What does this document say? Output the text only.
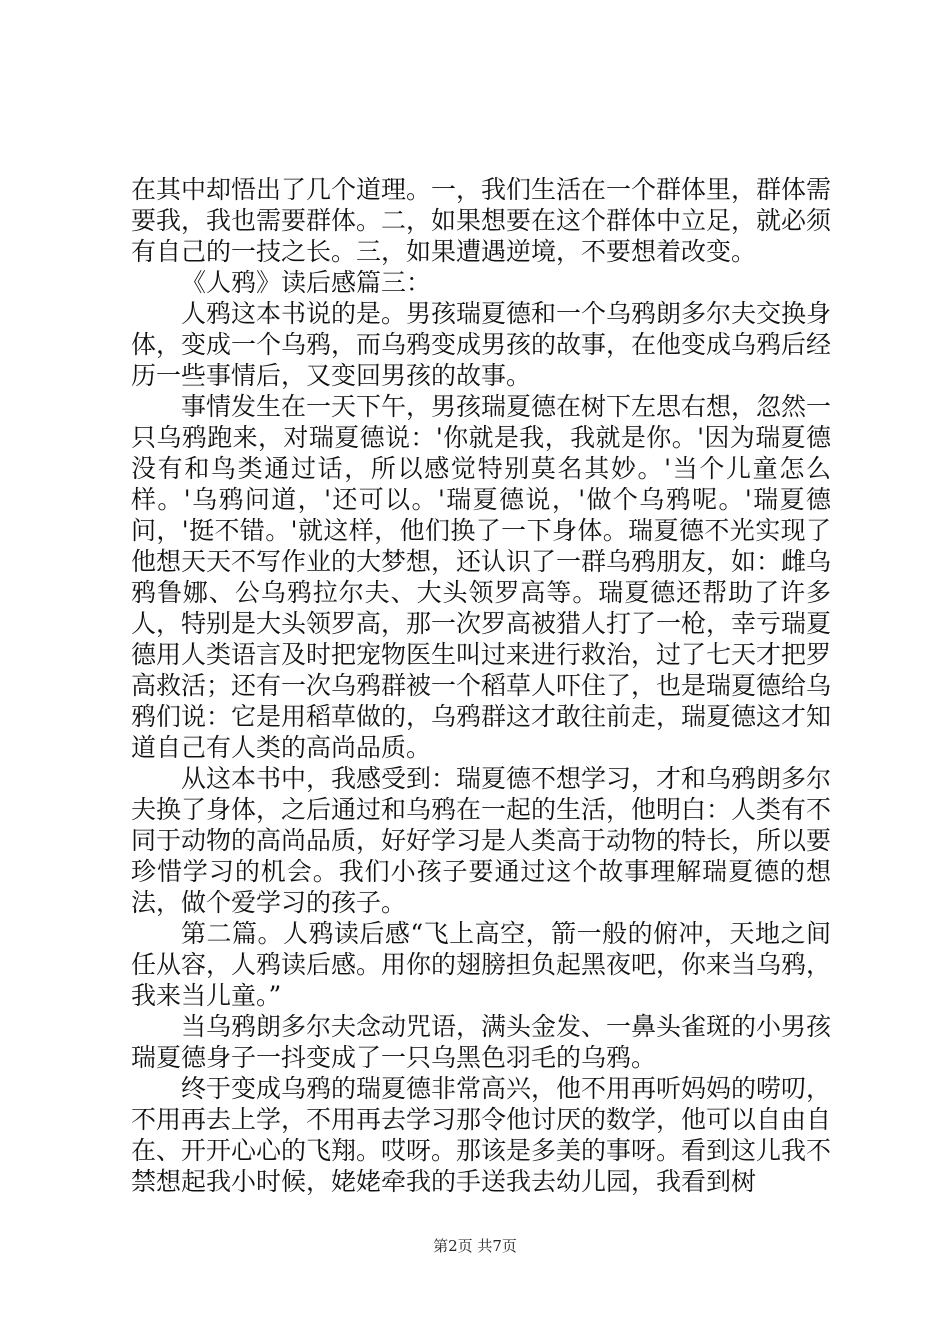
在其中却悟出了几个道理。一，我们生活在一个群体里，群体需要我，我也需要群体。二，如果想要在这个群体中立足，就必须有自己的一技之长。三，如果遭遇逆境，不要想着改变。

《人鸦》读后感篇三：

人鸦这本书说的是。男孩瑞夏德和一个乌鸦朗多尔夫交换身体，变成一个乌鸦，而乌鸦变成男孩的故事，在他变成乌鸦后经历一些事情后，又变回男孩的故事。

事情发生在一天下午，男孩瑞夏德在树下左思右想，忽然一只乌鸦跑来，对瑞夏德说：'你就是我，我就是你。'因为瑞夏德没有和鸟类通过话，所以感觉特别莫名其妙。'当个儿童怎么样。'乌鸦问道，'还可以。'瑞夏德说，'做个乌鸦呢。'瑞夏德问，'挺不错。'就这样，他们换了一下身体。瑞夏德不光实现了他想天天不写作业的大梦想，还认识了一群乌鸦朋友，如：雌乌鸦鲁娜、公乌鸦拉尔夫、大头领罗高等。瑞夏德还帮助了许多人，特别是大头领罗高，那一次罗高被猎人打了一枪，幸亏瑞夏德用人类语言及时把宠物医生叫过来进行救治，过了七天才把罗高救活；还有一次乌鸦群被一个稻草人吓住了，也是瑞夏德给乌鸦们说：它是用稻草做的，乌鸦群这才敢往前走，瑞夏德这才知道自己有人类的高尚品质。

从这本书中，我感受到：瑞夏德不想学习，才和乌鸦朗多尔夫换了身体，之后通过和乌鸦在一起的生活，他明白：人类有不同于动物的高尚品质，好好学习是人类高于动物的特长，所以要珍惜学习的机会。我们小孩子要通过这个故事理解瑞夏德的想法，做个爱学习的孩子。

第二篇。人鸦读后感“飞上高空，箭一般的俯冲，天地之间任从容，人鸦读后感。用你的翅膀担负起黑夜吧，你来当乌鸦，我来当儿童。”

当乌鸦朗多尔夫念动咒语，满头金发、一鼻头雀斑的小男孩瑞夏德身子一抖变成了一只乌黑色羽毛的乌鸦。

终于变成乌鸦的瑞夏德非常高兴，他不用再听妈妈的唠叨，不用再去上学，不用再去学习那令他讨厌的数学，他可以自由自在、开开心心的飞翔。哎呀。那该是多美的事呀。看到这儿我不禁想起我小时候，姥姥牵我的手送我去幼儿园，我看到树

第2页 共7页
